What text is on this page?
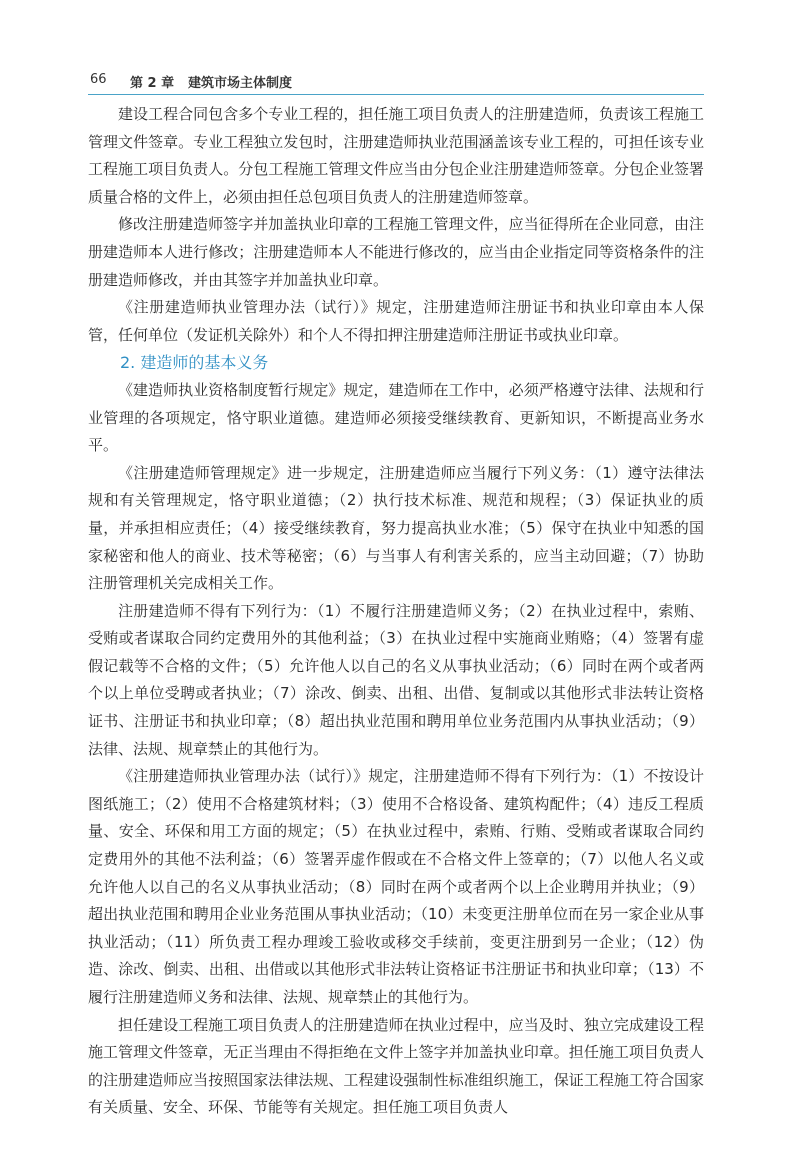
66 第 2 章 建筑市场主体制度

建设工程合同包含多个专业工程的，担任施工项目负责人的注册建造师，负责该工程施工管理文件签章。专业工程独立发包时，注册建造师执业范围涵盖该专业工程的，可担任该专业工程施工项目负责人。分包工程施工管理文件应当由分包企业注册建造师签章。分包企业签署质量合格的文件上，必须由担任总包项目负责人的注册建造师签章。

修改注册建造师签字并加盖执业印章的工程施工管理文件，应当征得所在企业同意，由注册建造师本人进行修改；注册建造师本人不能进行修改的，应当由企业指定同等资格条件的注册建造师修改，并由其签字并加盖执业印章。

《注册建造师执业管理办法（试行）》规定，注册建造师注册证书和执业印章由本人保管，任何单位（发证机关除外）和个人不得扣押注册建造师注册证书或执业印章。

2. 建造师的基本义务

《建造师执业资格制度暂行规定》规定，建造师在工作中，必须严格遵守法律、法规和行业管理的各项规定，恪守职业道德。建造师必须接受继续教育、更新知识，不断提高业务水平。

《注册建造师管理规定》进一步规定，注册建造师应当履行下列义务：（1）遵守法律法规和有关管理规定，恪守职业道德；（2）执行技术标准、规范和规程；（3）保证执业的质量，并承担相应责任；（4）接受继续教育，努力提高执业水准；（5）保守在执业中知悉的国家秘密和他人的商业、技术等秘密；（6）与当事人有利害关系的，应当主动回避；（7）协助注册管理机关完成相关工作。

注册建造师不得有下列行为：（1）不履行注册建造师义务；（2）在执业过程中，索贿、受贿或者谋取合同约定费用外的其他利益；（3）在执业过程中实施商业贿赂；（4）签署有虚假记载等不合格的文件；（5）允许他人以自己的名义从事执业活动；（6）同时在两个或者两个以上单位受聘或者执业；（7）涂改、倒卖、出租、出借、复制或以其他形式非法转让资格证书、注册证书和执业印章；（8）超出执业范围和聘用单位业务范围内从事执业活动；（9）法律、法规、规章禁止的其他行为。

《注册建造师执业管理办法（试行）》规定，注册建造师不得有下列行为：（1）不按设计图纸施工；（2）使用不合格建筑材料；（3）使用不合格设备、建筑构配件；（4）违反工程质量、安全、环保和用工方面的规定；（5）在执业过程中，索贿、行贿、受贿或者谋取合同约定费用外的其他不法利益；（6）签署弄虚作假或在不合格文件上签章的；（7）以他人名义或允许他人以自己的名义从事执业活动；（8）同时在两个或者两个以上企业聘用并执业；（9）超出执业范围和聘用企业业务范围从事执业活动；（10）未变更注册单位而在另一家企业从事执业活动；（11）所负责工程办理竣工验收或移交手续前，变更注册到另一企业；（12）伪造、涂改、倒卖、出租、出借或以其他形式非法转让资格证书注册证书和执业印章；（13）不履行注册建造师义务和法律、法规、规章禁止的其他行为。

担任建设工程施工项目负责人的注册建造师在执业过程中，应当及时、独立完成建设工程施工管理文件签章，无正当理由不得拒绝在文件上签字并加盖执业印章。担任施工项目负责人的注册建造师应当按照国家法律法规、工程建设强制性标准组织施工，保证工程施工符合国家有关质量、安全、环保、节能等有关规定。担任施工项目负责人
